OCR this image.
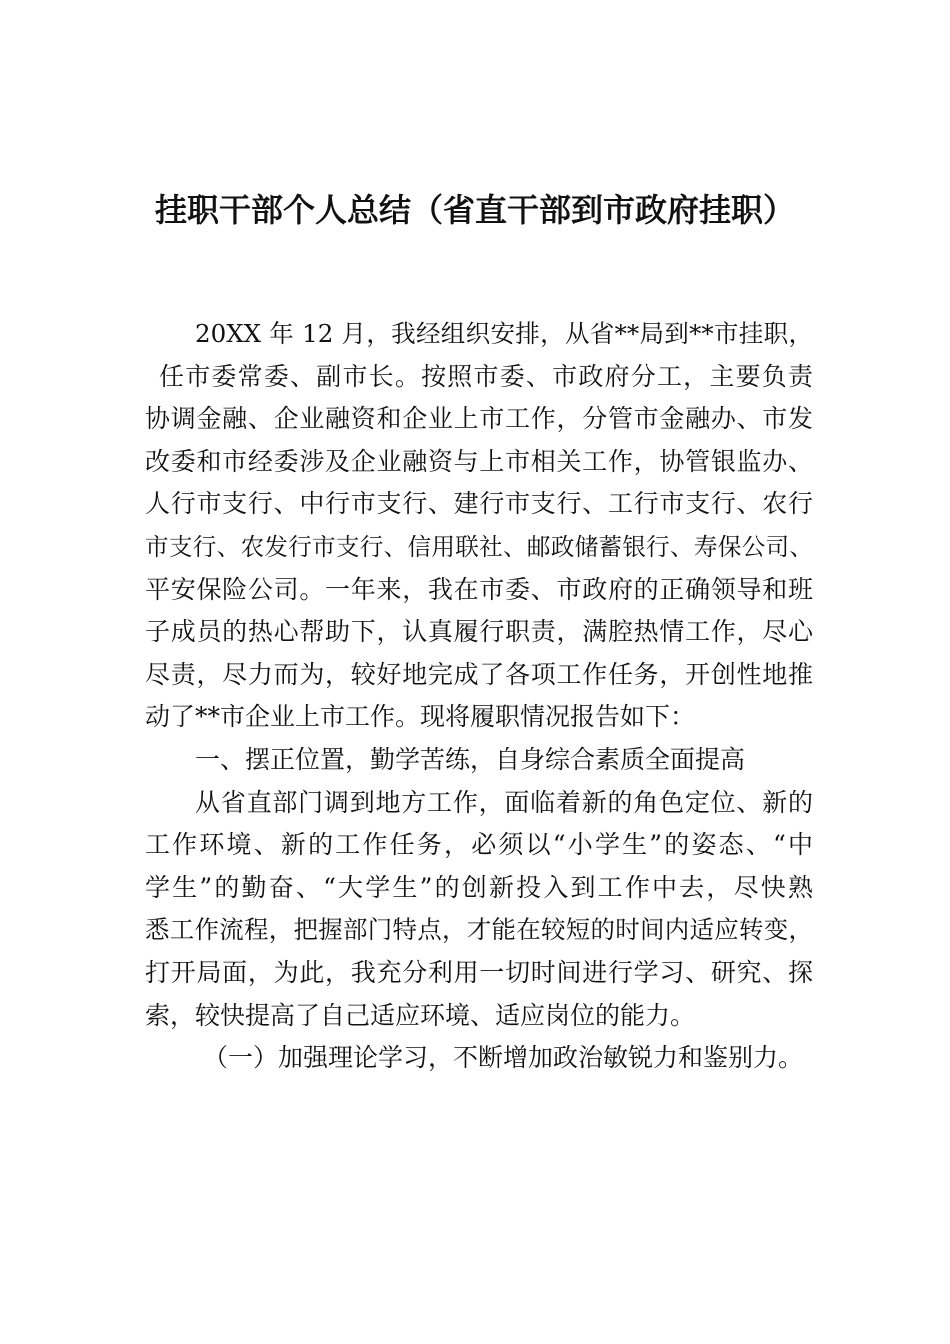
挂职干部个人总结（省直干部到市政府挂职）
20XX 年 12 月，我经组织安排，从省**局到**市挂职，
任市委常委、副市长。按照市委、市政府分工，主要负责
协调金融、企业融资和企业上市工作，分管市金融办、市发
改委和市经委涉及企业融资与上市相关工作，协管银监办、
人行市支行、中行市支行、建行市支行、工行市支行、农行
市支行、农发行市支行、信用联社、邮政储蓄银行、寿保公司、
平安保险公司。一年来，我在市委、市政府的正确领导和班
子成员的热心帮助下，认真履行职责，满腔热情工作，尽心
尽责，尽力而为，较好地完成了各项工作任务，开创性地推
动了**市企业上市工作。现将履职情况报告如下：
一、摆正位置，勤学苦练，自身综合素质全面提高
从省直部门调到地方工作，面临着新的角色定位、新的
工作环境、新的工作任务，必须以“小学生”的姿态、“中
学生”的勤奋、“大学生”的创新投入到工作中去，尽快熟
悉工作流程，把握部门特点，才能在较短的时间内适应转变，
打开局面，为此，我充分利用一切时间进行学习、研究、探
索，较快提高了自己适应环境、适应岗位的能力。
（一）加强理论学习，不断增加政治敏锐力和鉴别力。
